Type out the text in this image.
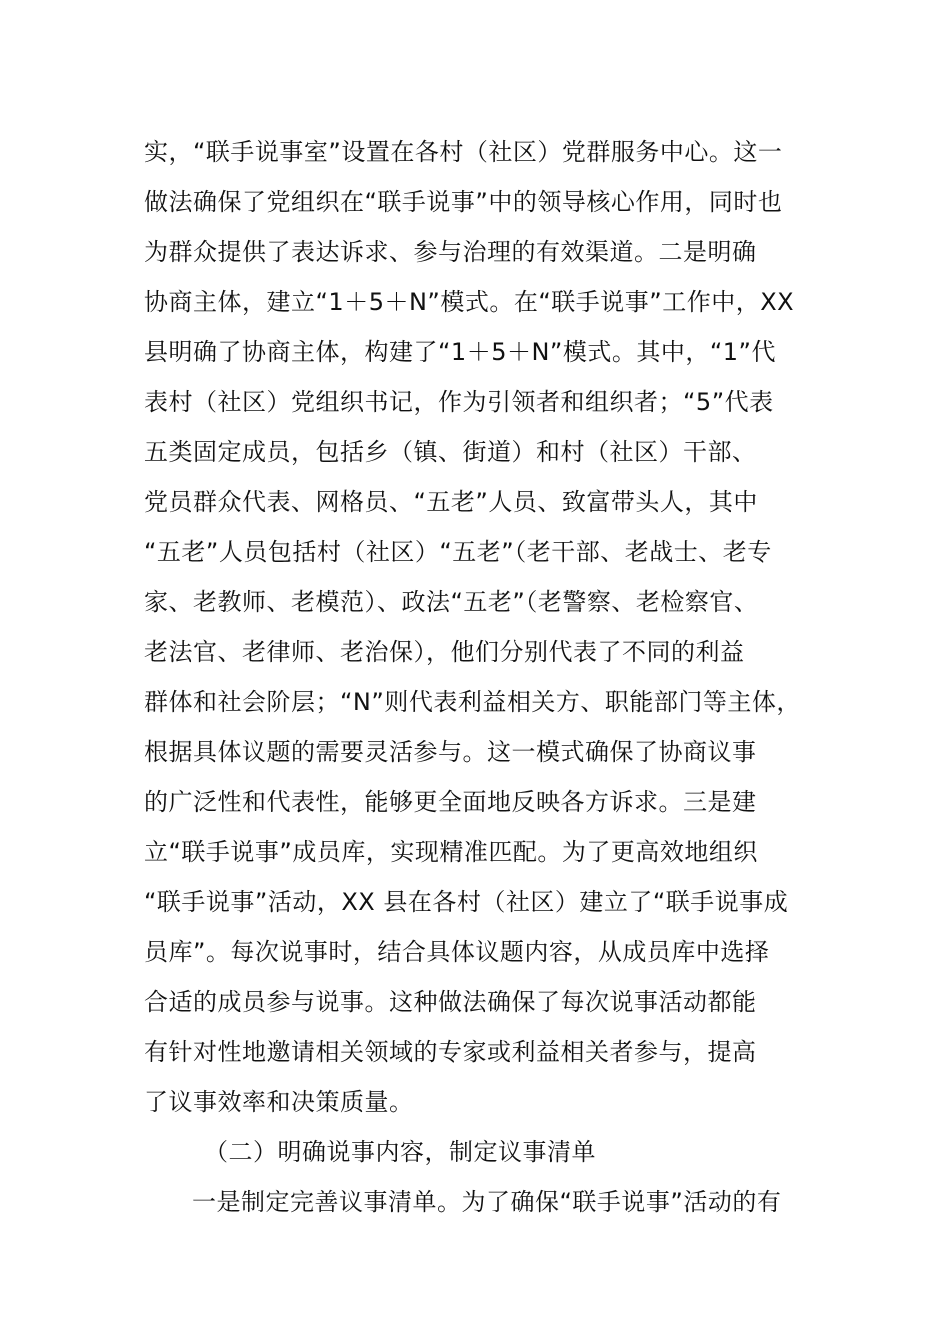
实，“联手说事室”设置在各村（社区）党群服务中心。这一
做法确保了党组织在“联手说事”中的领导核心作用，同时也
为群众提供了表达诉求、参与治理的有效渠道。二是明确
协商主体，建立“1＋5＋N”模式。在“联手说事”工作中，XX
县明确了协商主体，构建了“1＋5＋N”模式。其中，“1”代
表村（社区）党组织书记，作为引领者和组织者；“5”代表
五类固定成员，包括乡（镇、街道）和村（社区）干部、
党员群众代表、网格员、“五老”人员、致富带头人，其中
“五老”人员包括村（社区）“五老”（老干部、老战士、老专
家、老教师、老模范）、政法“五老”（老警察、老检察官、
老法官、老律师、老治保），他们分别代表了不同的利益
群体和社会阶层；“N”则代表利益相关方、职能部门等主体，
根据具体议题的需要灵活参与。这一模式确保了协商议事
的广泛性和代表性，能够更全面地反映各方诉求。三是建
立“联手说事”成员库，实现精准匹配。为了更高效地组织
“联手说事”活动，XX 县在各村（社区）建立了“联手说事成
员库”。每次说事时，结合具体议题内容，从成员库中选择
合适的成员参与说事。这种做法确保了每次说事活动都能
有针对性地邀请相关领域的专家或利益相关者参与，提高
了议事效率和决策质量。
（二）明确说事内容，制定议事清单
一是制定完善议事清单。为了确保“联手说事”活动的有
